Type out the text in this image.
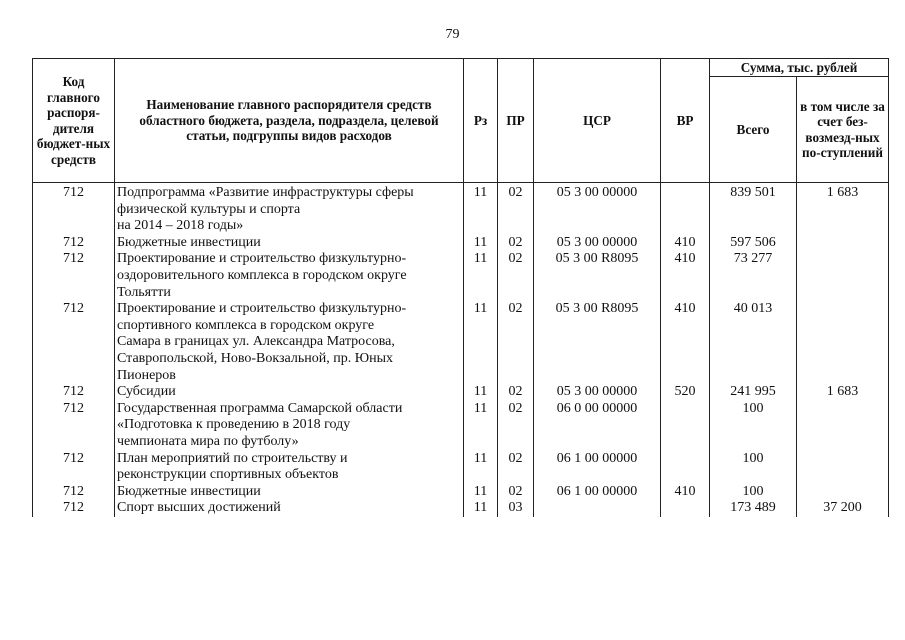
79
Код главного распоря-дителя бюджет-ных средств	Наименование главного распорядителя средств областного бюджета, раздела, подраздела, целевой статьи, подгруппы видов расходов	Рз	ПР	ЦСР	ВР	Сумма, тыс. рублей	
						Всего	в том числе за счет без-возмезд-ных по-ступлений
712	Подпрограмма «Развитие инфраструктуры сферы
физической культуры и спорта
на 2014 – 2018 годы»	11	02	05 3 00 00000		839 501	1 683
712	Бюджетные инвестиции	11	02	05 3 00 00000	410	597 506	
712	Проектирование и строительство физкультурно-
оздоровительного комплекса в городском округе
Тольятти	11	02	05 3 00 R8095	410	73 277	
712	Проектирование и строительство физкультурно-
спортивного комплекса в городском округе
Самара в границах ул. Александра Матросова,
Ставропольской, Ново-Вокзальной, пр. Юных
Пионеров	11	02	05 3 00 R8095	410	40 013	
712	Субсидии	11	02	05 3 00 00000	520	241 995	1 683
712	Государственная программа Самарской области
«Подготовка к проведению в 2018 году
чемпионата мира по футболу»	11	02	06 0 00 00000		100	
712	План мероприятий по строительству и
реконструкции спортивных объектов	11	02	06 1 00 00000		100	
712	Бюджетные инвестиции	11	02	06 1 00 00000	410	100	
712	Спорт высших достижений	11	03			173 489	37 200
